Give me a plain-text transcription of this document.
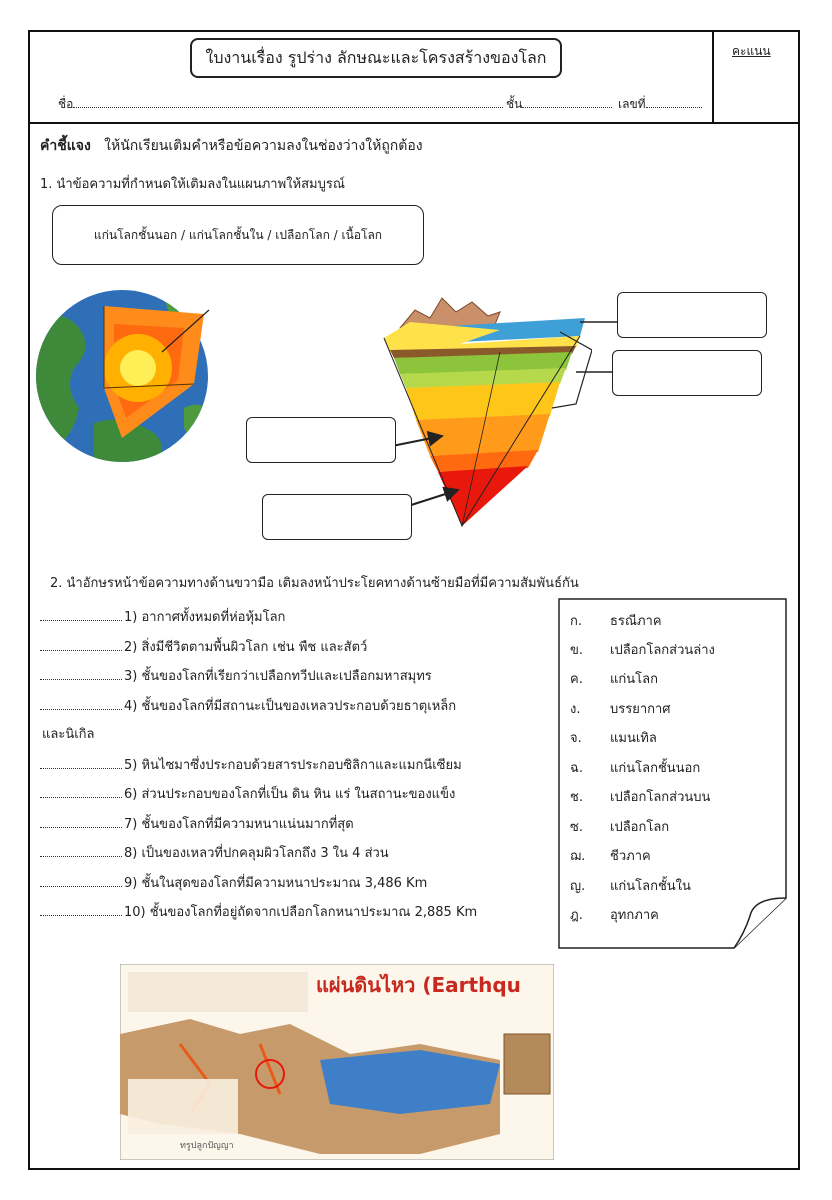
คะแนน
ใบงานเรื่อง รูปร่าง ลักษณะและโครงสร้างของโลก
ชื่อ	ชั้น	เลขที่
คำชี้แจง ให้นักเรียนเติมคำหรือข้อความลงในช่องว่างให้ถูกต้อง
1. นำข้อความที่กำหนดให้เติมลงในแผนภาพให้สมบูรณ์
แก่นโลกชั้นนอก / แก่นโลกชั้นใน / เปลือกโลก / เนื้อโลก
2. นำอักษรหน้าข้อความทางด้านขวามือ เติมลงหน้าประโยคทางด้านซ้ายมือที่มีความสัมพันธ์กัน
1) อากาศทั้งหมดที่ห่อหุ้มโลก
2) สิ่งมีชีวิตตามพื้นผิวโลก เช่น พืช และสัตว์
3) ชั้นของโลกที่เรียกว่าเปลือกทวีปและเปลือกมหาสมุทร
4) ชั้นของโลกที่มีสถานะเป็นของเหลวประกอบด้วยธาตุเหล็ก
และนิเกิล
5) หินไซมาซึ่งประกอบด้วยสารประกอบซิลิกาและแมกนีเซียม
6) ส่วนประกอบของโลกที่เป็น ดิน หิน แร่ ในสถานะของแข็ง
7) ชั้นของโลกที่มีความหนาแน่นมากที่สุด
8) เป็นของเหลวที่ปกคลุมผิวโลกถึง 3 ใน 4 ส่วน
9) ชั้นในสุดของโลกที่มีความหนาประมาณ 3,486 Km
10) ชั้นของโลกที่อยู่ถัดจากเปลือกโลกหนาประมาณ 2,885 Km
ก. ธรณีภาค
ข. เปลือกโลกส่วนล่าง
ค. แก่นโลก
ง. บรรยากาศ
จ. แมนเทิล
ฉ. แก่นโลกชั้นนอก
ช. เปลือกโลกส่วนบน
ซ. เปลือกโลก
ฌ. ชีวภาค
ญ. แก่นโลกชั้นใน
ฎ. อุทกภาค
แผ่นดินไหว (Earthqu
ทรูปลูกปัญญา
